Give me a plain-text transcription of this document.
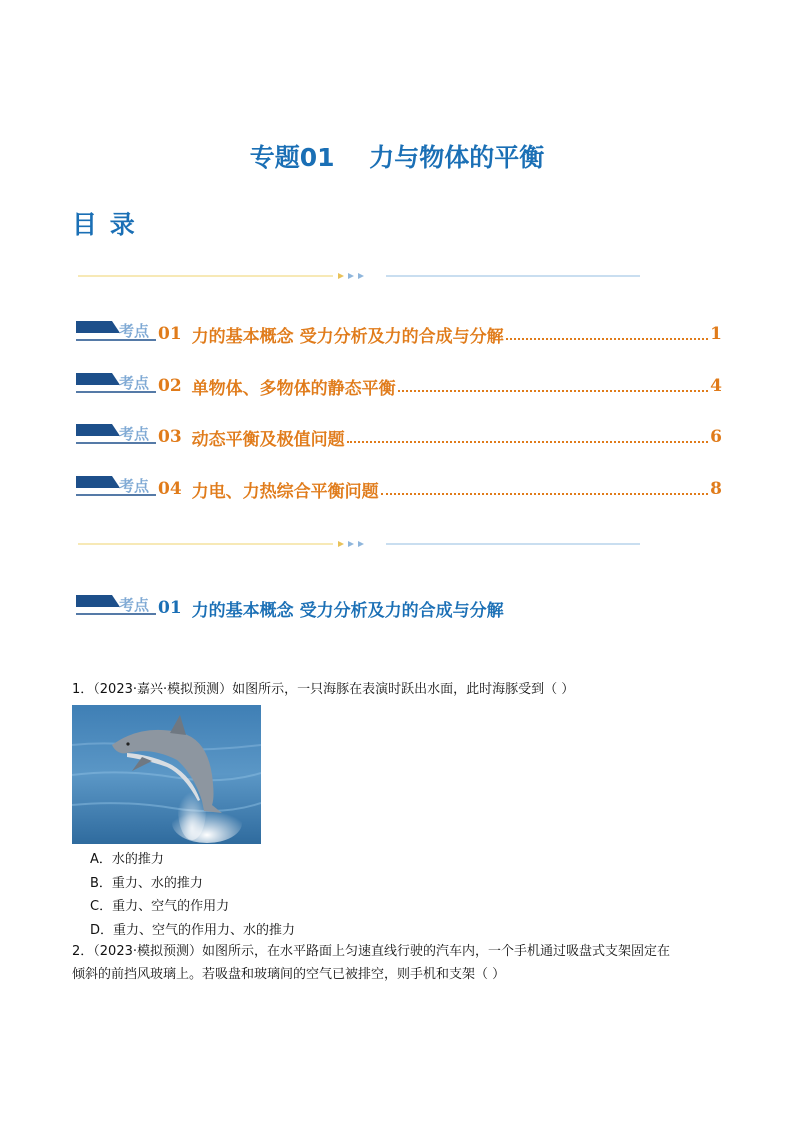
专题01    力与物体的平衡
目 录
考点 01 力的基本概念 受力分析及力的合成与分解	1
考点 02 单物体、多物体的静态平衡	4
考点 03 动态平衡及极值问题	6
考点 04 力电、力热综合平衡问题	8
考点 01 力的基本概念 受力分析及力的合成与分解
1．（2023·嘉兴·模拟预测）如图所示，一只海豚在表演时跃出水面，此时海豚受到（ ）
A．水的推力
B．重力、水的推力
C．重力、空气的作用力
D．重力、空气的作用力、水的推力
2．（2023·模拟预测）如图所示，在水平路面上匀速直线行驶的汽车内，一个手机通过吸盘式支架固定在
倾斜的前挡风玻璃上。若吸盘和玻璃间的空气已被排空，则手机和支架（ ）
